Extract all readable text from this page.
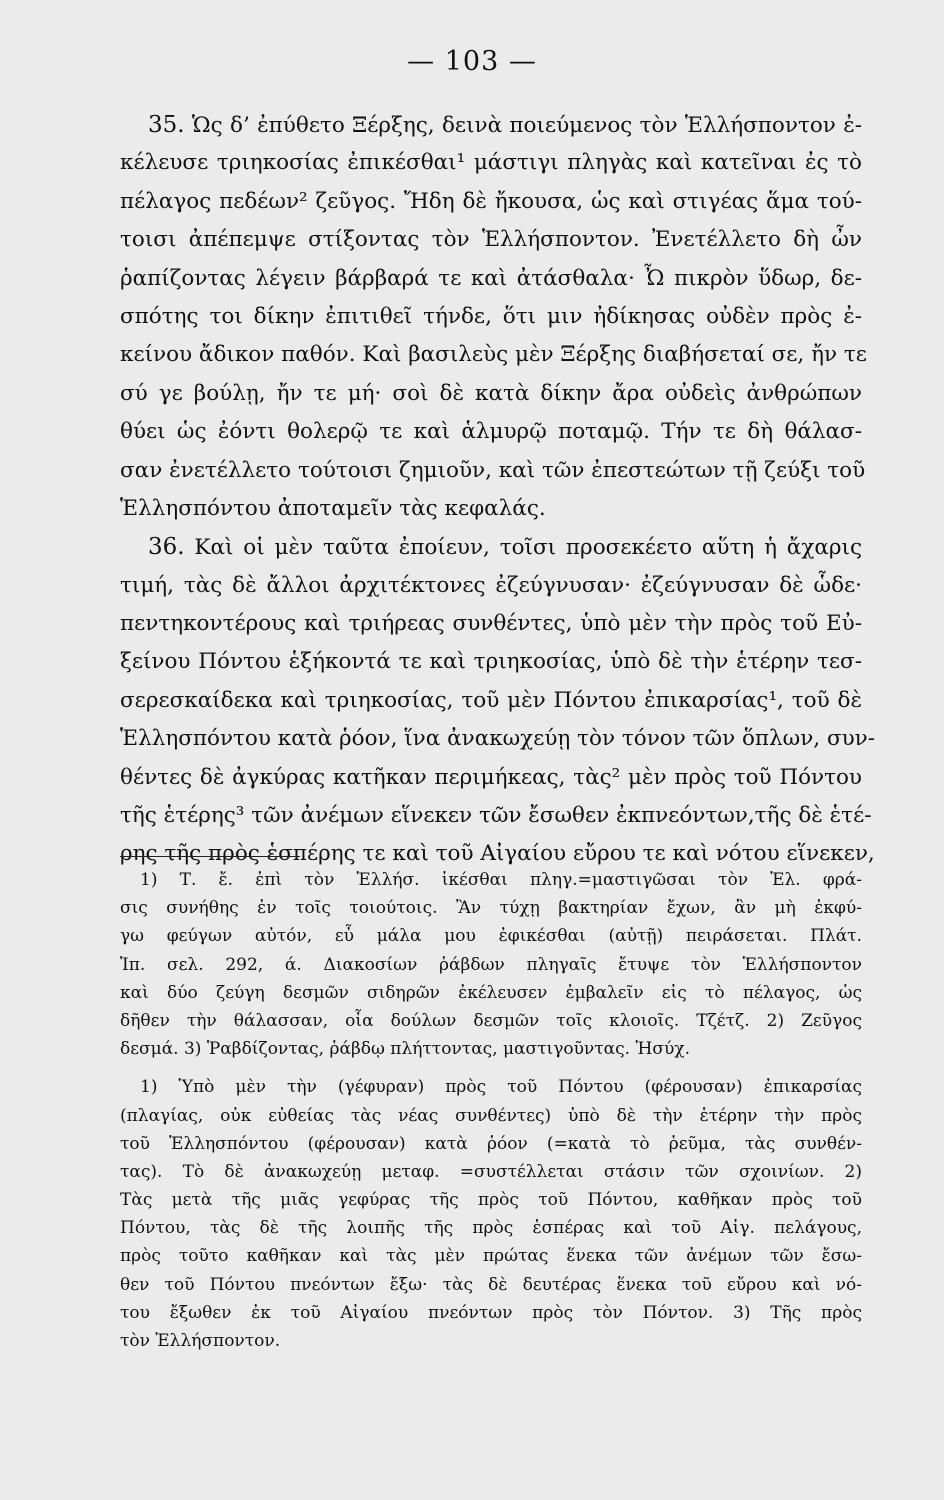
— 103 —
35. Ὡς δ’ ἐπύθετο Ξέρξης, δεινὰ ποιεύμενος τὸν Ἑλλήσποντον ἐ-
κέλευσε τριηκοσίας ἐπικέσθαι¹ μάστιγι πληγὰς καὶ κατεῖναι ἐς τὸ
πέλαγος πεδέων² ζεῦγος. Ἤδη δὲ ἤκουσα, ὡς καὶ στιγέας ἅμα τού-
τοισι ἀπέπεμψε στίξοντας τὸν Ἑλλήσποντον. Ἐνετέλλετο δὴ ὦν
ῥαπίζοντας λέγειν βάρβαρά τε καὶ ἀτάσθαλα· Ὦ πικρὸν ὕδωρ, δε-
σπότης τοι δίκην ἐπιτιθεῖ τήνδε, ὅτι μιν ἠδίκησας οὐδὲν πρὸς ἐ-
κείνου ἄδικον παθόν. Καὶ βασιλεὺς μὲν Ξέρξης διαβήσεταί σε, ἤν τε
σύ γε βούλῃ, ἤν τε μή· σοὶ δὲ κατὰ δίκην ἄρα οὐδεὶς ἀνθρώπων
θύει ὡς ἐόντι θολερῷ τε καὶ ἁλμυρῷ ποταμῷ. Τήν τε δὴ θάλασ-
σαν ἐνετέλλετο τούτοισι ζημιοῦν, καὶ τῶν ἐπεστεώτων τῇ ζεύξι τοῦ
Ἑλλησπόντου ἀποταμεῖν τὰς κεφαλάς.
36. Καὶ οἱ μὲν ταῦτα ἐποίευν, τοῖσι προσεκέετο αὕτη ἡ ἄχαρις
τιμή, τὰς δὲ ἄλλοι ἀρχιτέκτονες ἐζεύγνυσαν· ἐζεύγνυσαν δὲ ὧδε·
πεντηκοντέρους καὶ τριήρεας συνθέντες, ὑπὸ μὲν τὴν πρὸς τοῦ Εὐ-
ξείνου Πόντου ἑξήκοντά τε καὶ τριηκοσίας, ὑπὸ δὲ τὴν ἑτέρην τεσ-
σερεσκαίδεκα καὶ τριηκοσίας, τοῦ μὲν Πόντου ἐπικαρσίας¹, τοῦ δὲ
Ἑλλησπόντου κατὰ ῥόον, ἵνα ἀνακωχεύῃ τὸν τόνον τῶν ὅπλων, συν-
θέντες δὲ ἀγκύρας κατῆκαν περιμήκεας, τὰς² μὲν πρὸς τοῦ Πόντου
τῆς ἑτέρης³ τῶν ἀνέμων εἵνεκεν τῶν ἔσωθεν ἐκπνεόντων,τῆς δὲ ἑτέ-
ρης τῆς πρὸς ἑσπέρης τε καὶ τοῦ Αἰγαίου εὔρου τε καὶ νότου εἵνεκεν,
1) Τ. ἔ. ἐπὶ τὸν Ἑλλήσ. ἱκέσθαι πληγ.=μαστιγῶσαι τὸν Ἑλ. φρά-
σις συνήθης ἐν τοῖς τοιούτοις. Ἂν τύχῃ βακτηρίαν ἔχων, ἂν μὴ ἐκφύ-
γω φεύγων αὐτόν, εὖ μάλα μου ἐφικέσθαι (αὐτῇ) πειράσεται. Πλάτ.
Ἱπ. σελ. 292, ά. Διακοσίων ῥάβδων πληγαῖς ἔτυψε τὸν Ἑλλήσποντον
καὶ δύο ζεύγη δεσμῶν σιδηρῶν ἐκέλευσεν ἐμβαλεῖν εἰς τὸ πέλαγος, ὡς
δῆθεν τὴν θάλασσαν, οἷα δούλων δεσμῶν τοῖς κλοιοῖς. Τζέτζ. 2) Ζεῦγος
δεσμά. 3) Ῥαβδίζοντας, ῥάβδῳ πλήττοντας, μαστιγοῦντας. Ἡσύχ.
1) Ὑπὸ μὲν τὴν (γέφυραν) πρὸς τοῦ Πόντου (φέρουσαν) ἐπικαρσίας
(πλαγίας, οὐκ εὐθείας τὰς νέας συνθέντες) ὑπὸ δὲ τὴν ἑτέρην τὴν πρὸς
τοῦ Ἑλλησπόντου (φέρουσαν) κατὰ ῥόον (=κατὰ τὸ ῥεῦμα, τὰς συνθέν-
τας). Τὸ δὲ ἀνακωχεύῃ μεταφ. =συστέλλεται στάσιν τῶν σχοινίων. 2)
Τὰς μετὰ τῆς μιᾶς γεφύρας τῆς πρὸς τοῦ Πόντου, καθῆκαν πρὸς τοῦ
Πόντου, τὰς δὲ τῆς λοιπῆς τῆς πρὸς ἑσπέρας καὶ τοῦ Αἰγ. πελάγους,
πρὸς τοῦτο καθῆκαν καὶ τὰς μὲν πρώτας ἕνεκα τῶν ἀνέμων τῶν ἔσω-
θεν τοῦ Πόντου πνεόντων ἔξω· τὰς δὲ δευτέρας ἕνεκα τοῦ εὔρου καὶ νό-
του ἔξωθεν ἐκ τοῦ Αἰγαίου πνεόντων πρὸς τὸν Πόντον. 3) Τῆς πρὸς
τὸν Ἑλλήσποντον.
